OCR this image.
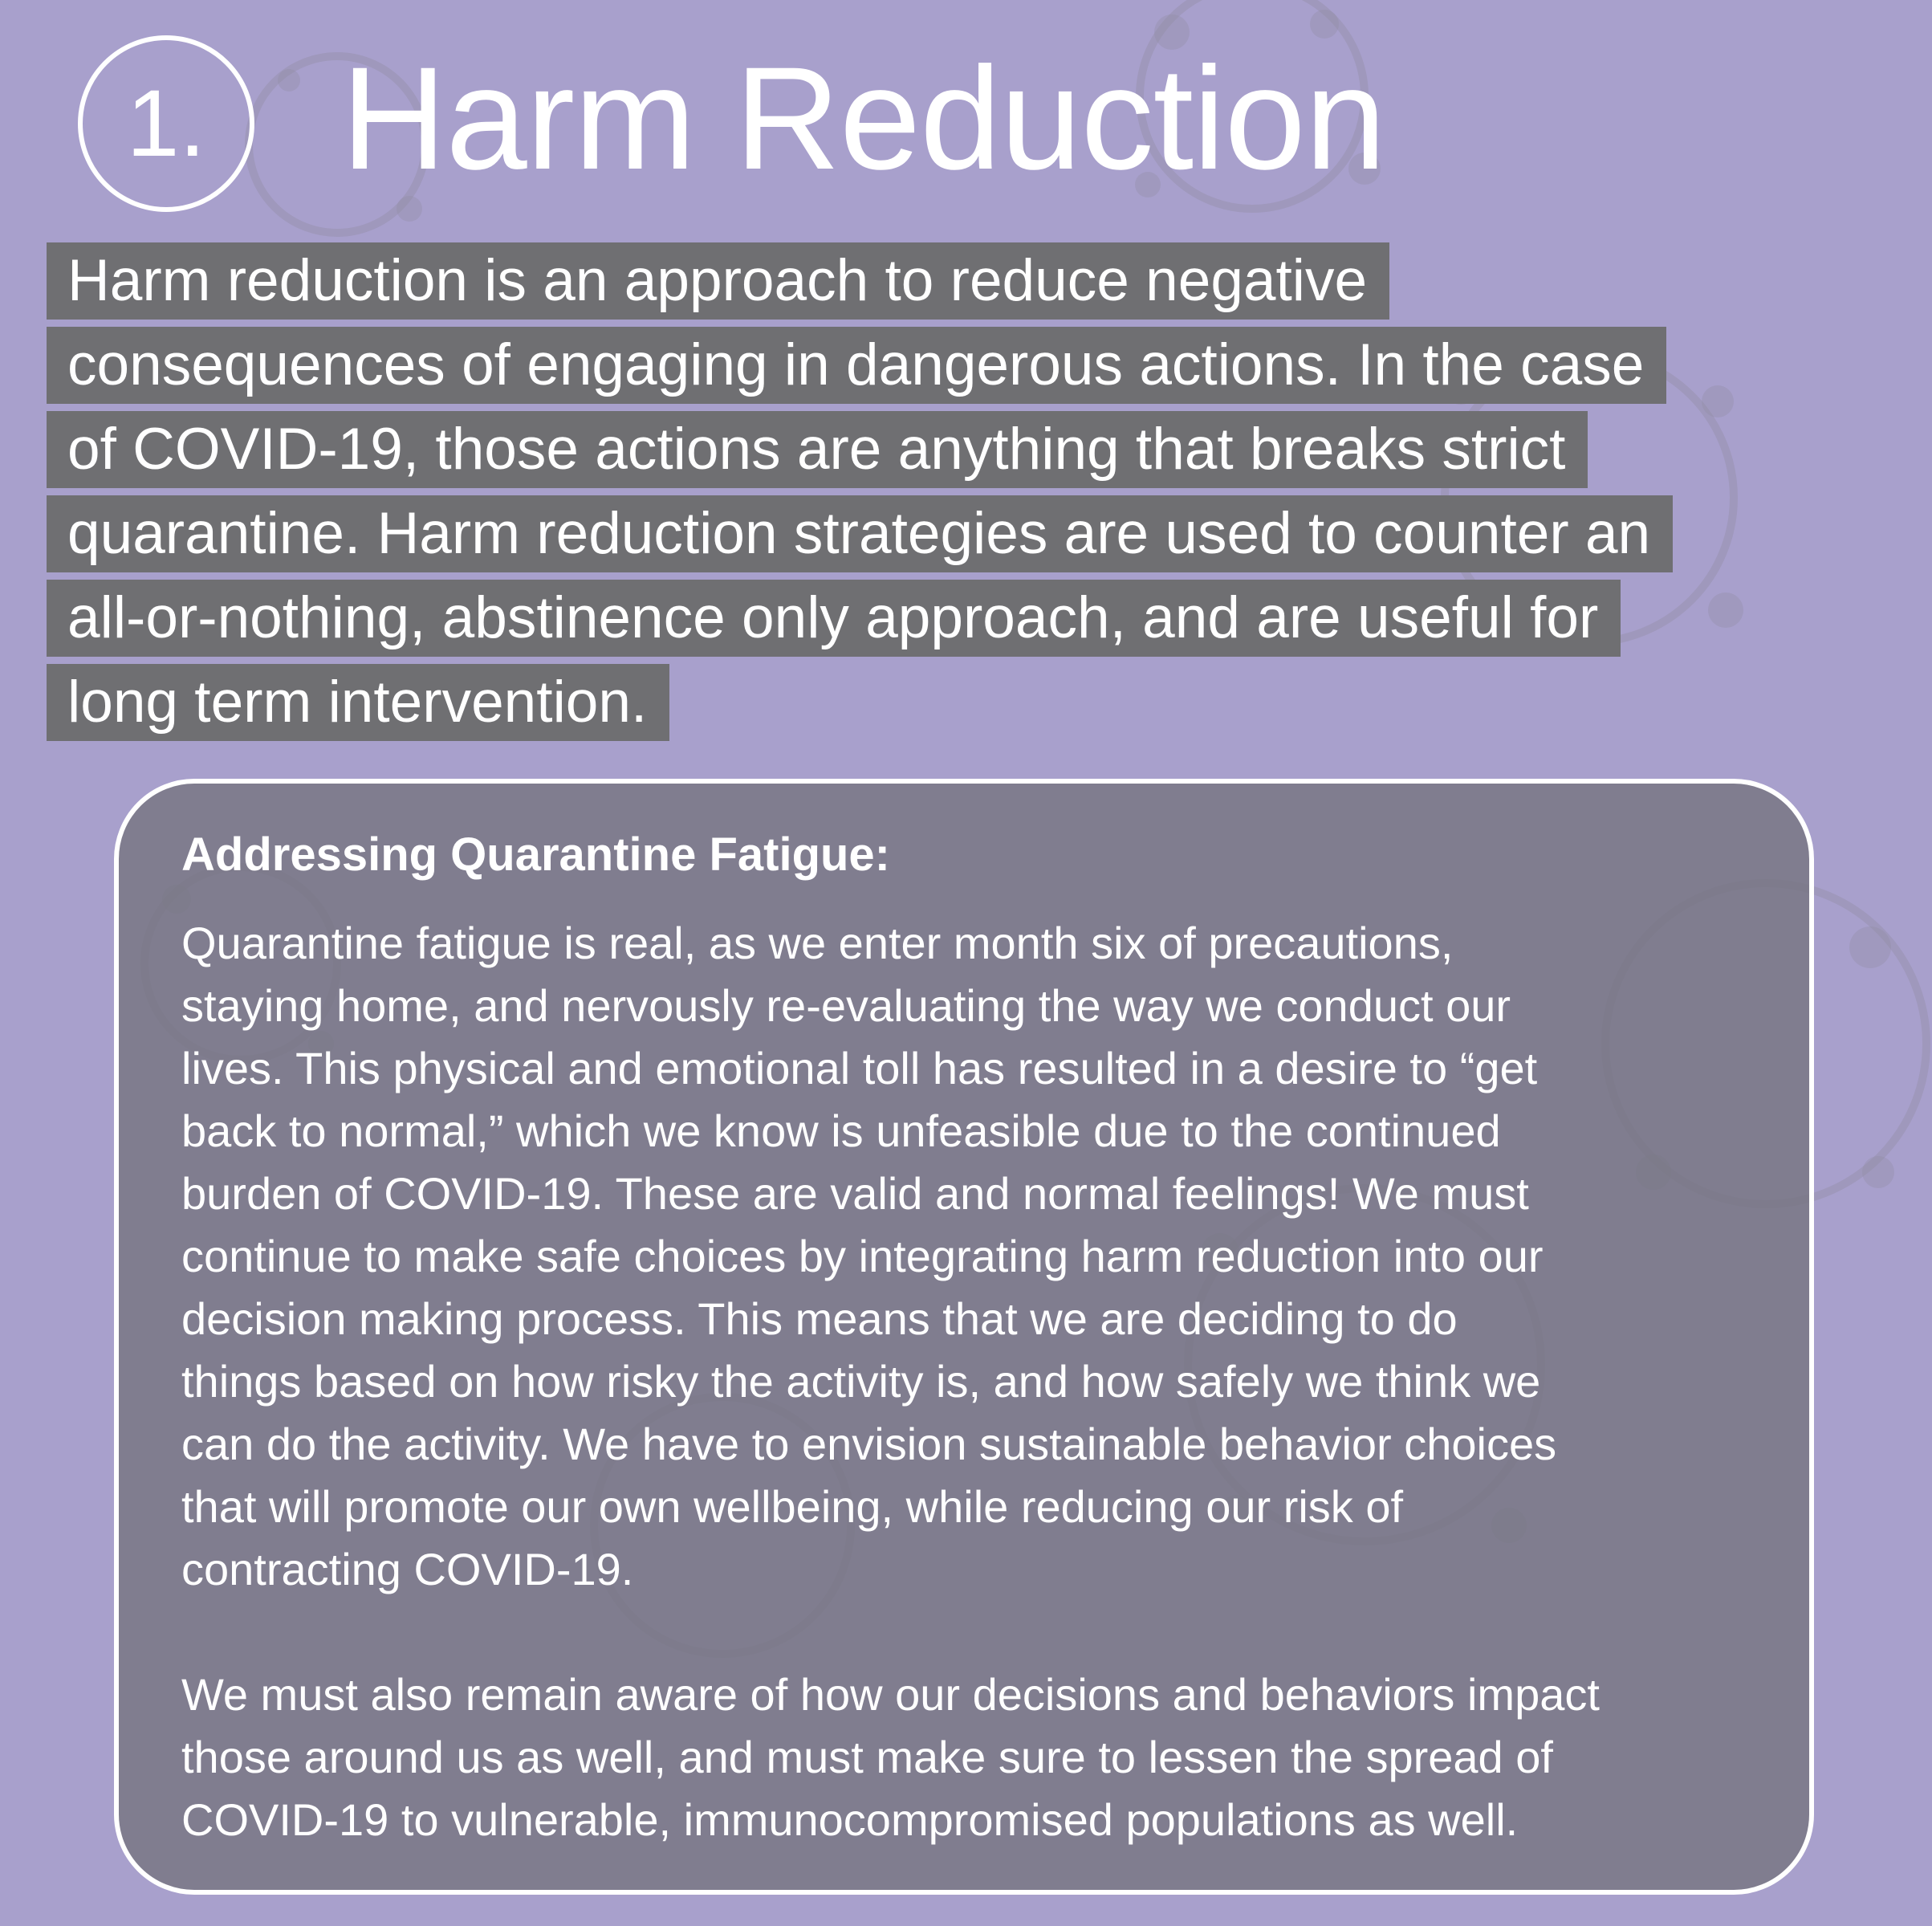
1. Harm Reduction
Harm reduction is an approach to reduce negative
consequences of engaging in dangerous actions. In the case
of COVID-19, those actions are anything that breaks strict
quarantine. Harm reduction strategies are used to counter an
all-or-nothing, abstinence only approach, and are useful for
long term intervention.
Addressing Quarantine Fatigue:
Quarantine fatigue is real, as we enter month six of precautions,
staying home, and nervously re-evaluating the way we conduct our
lives. This physical and emotional toll has resulted in a desire to “get
back to normal,” which we know is unfeasible due to the continued
burden of COVID-19. These are valid and normal feelings! We must
continue to make safe choices by integrating harm reduction into our
decision making process. This means that we are deciding to do
things based on how risky the activity is, and how safely we think we
can do the activity. We have to envision sustainable behavior choices
that will promote our own wellbeing, while reducing our risk of
contracting COVID-19.
We must also remain aware of how our decisions and behaviors impact
those around us as well, and must make sure to lessen the spread of
COVID-19 to vulnerable, immunocompromised populations as well.
